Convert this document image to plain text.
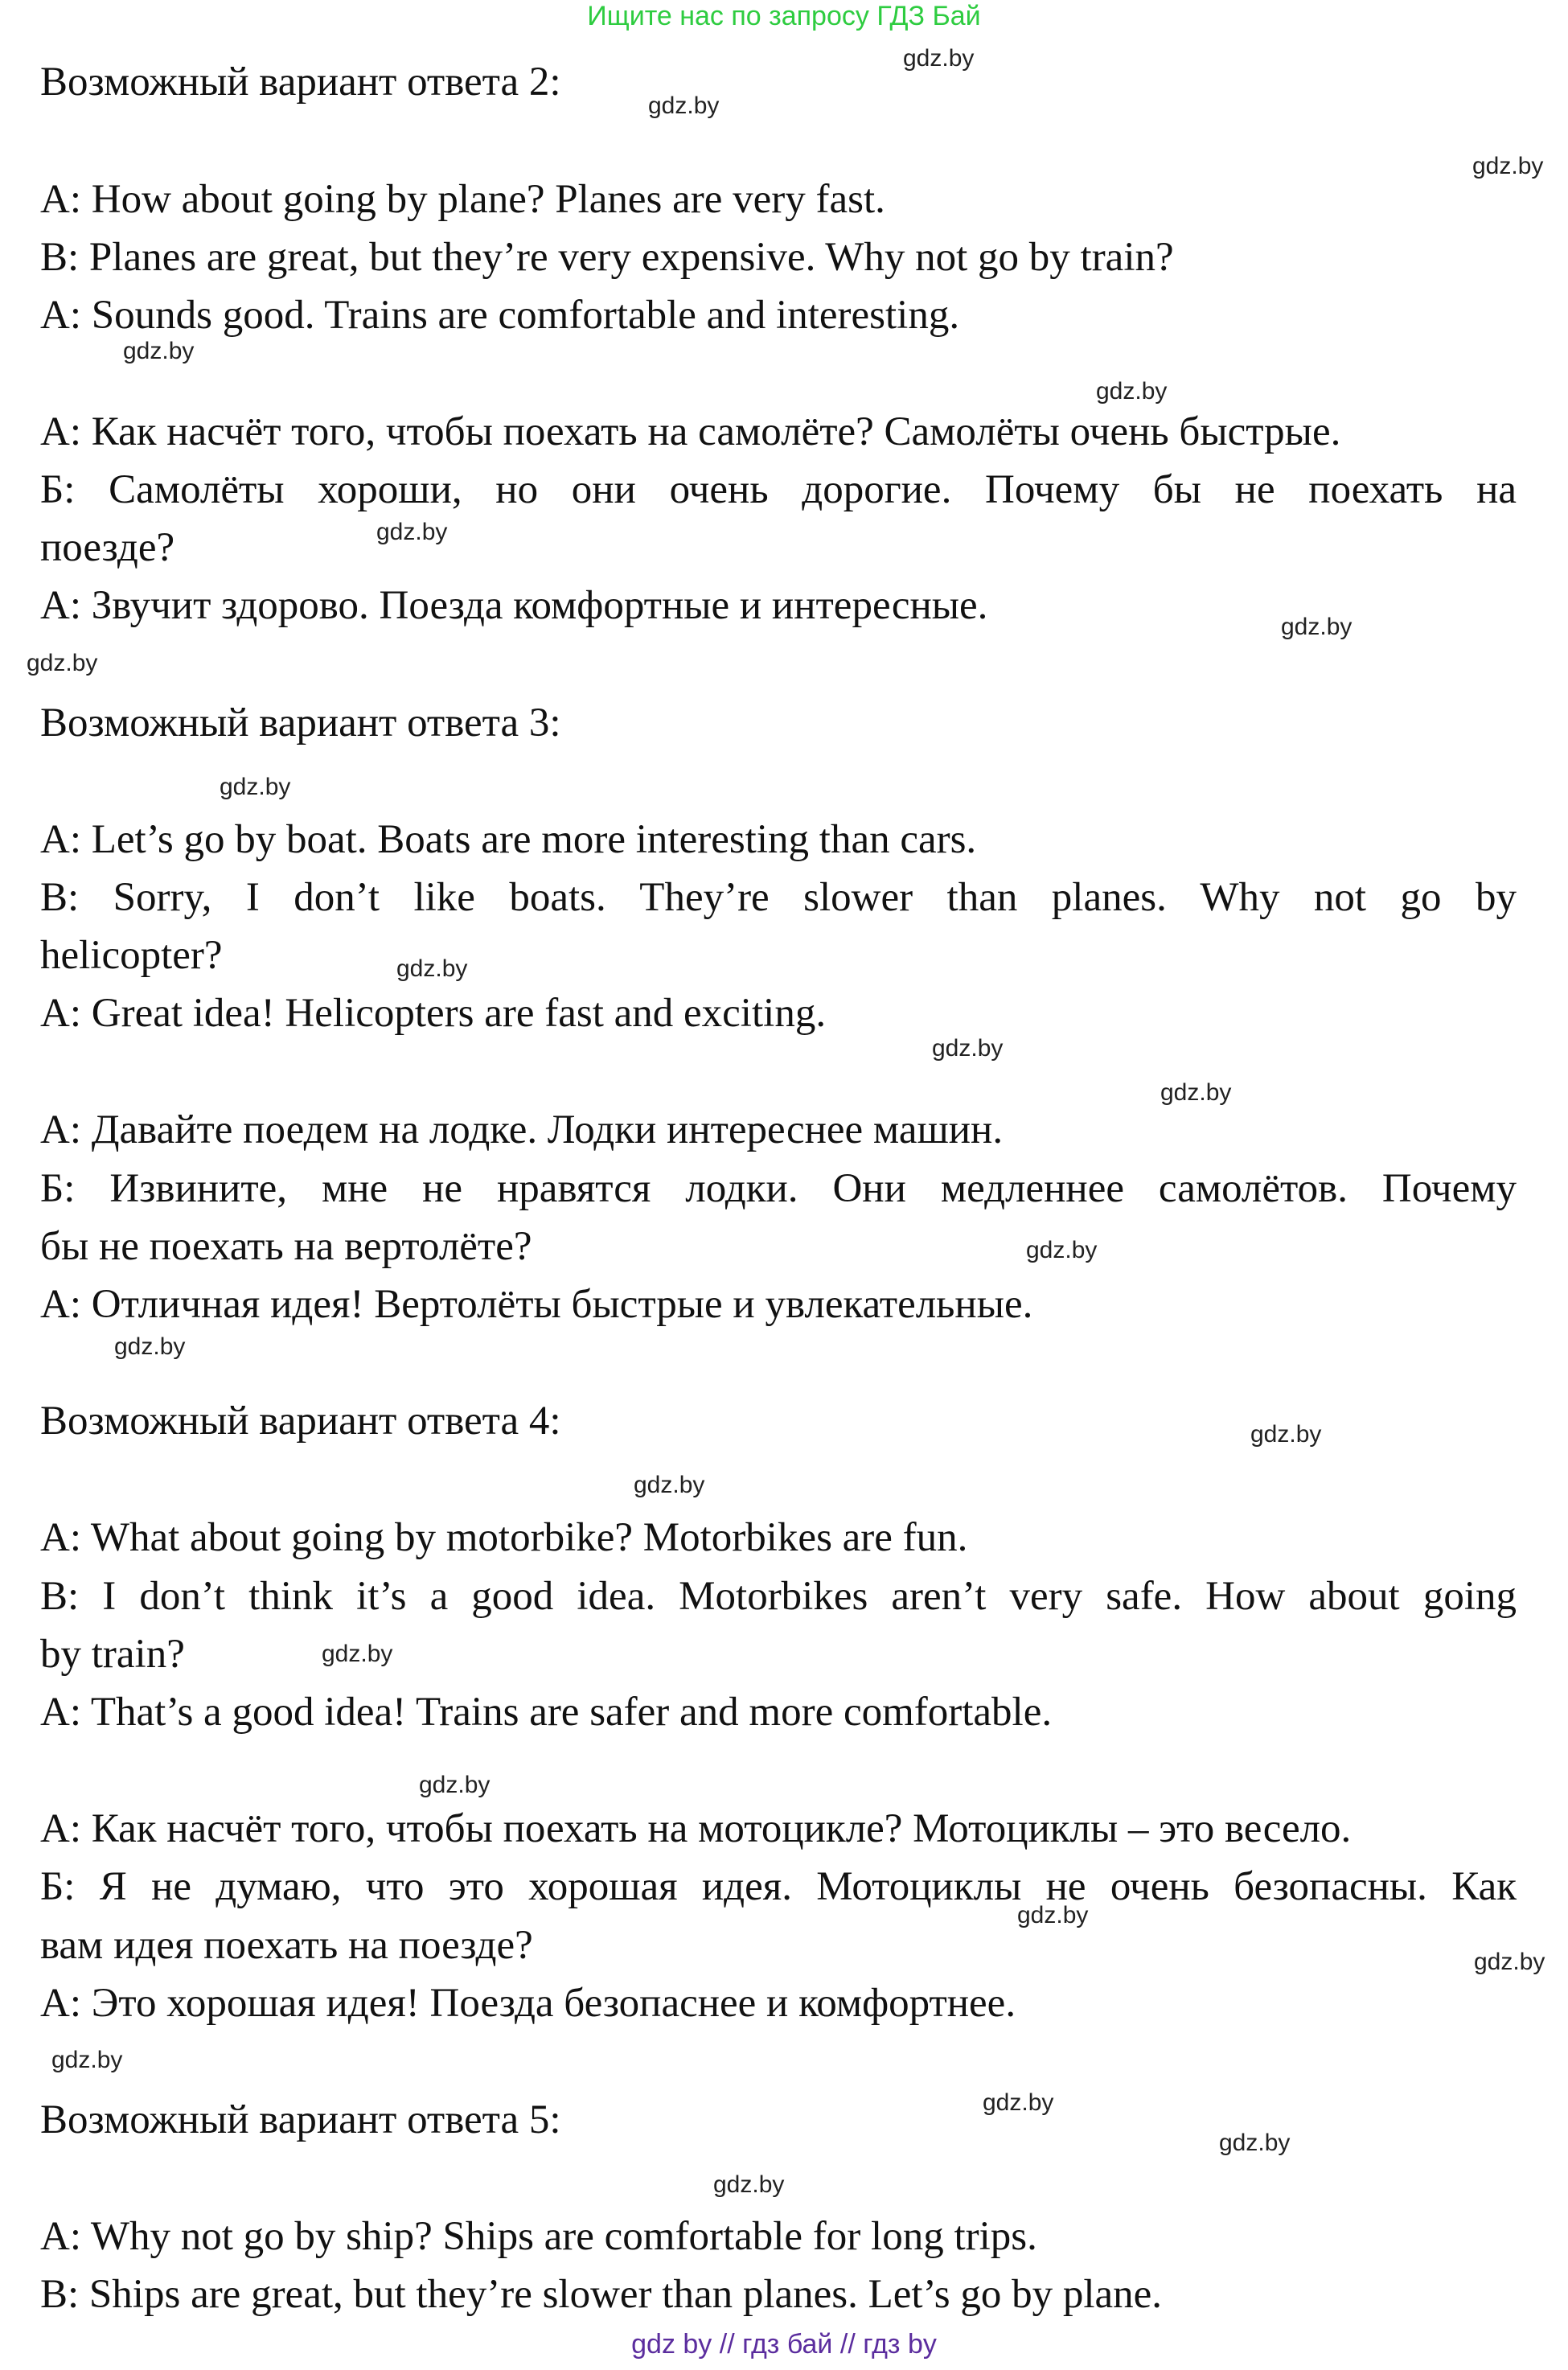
Ищите нас по запросу ГДЗ Бай

Возможный вариант ответа 2:

A: How about going by plane? Planes are very fast.

B: Planes are great, but they’re very expensive. Why not go by train?

A: Sounds good. Trains are comfortable and interesting.

А: Как насчёт того, чтобы поехать на самолёте? Самолёты очень быстрые.

Б: Самолёты хороши, но они очень дорогие. Почему бы не поехать на

поезде?

А: Звучит здорово. Поезда комфортные и интересные.

Возможный вариант ответа 3:

A: Let’s go by boat. Boats are more interesting than cars.

B: Sorry, I don’t like boats. They’re slower than planes. Why not go by

helicopter?

A: Great idea! Helicopters are fast and exciting.

А: Давайте поедем на лодке. Лодки интереснее машин.

Б: Извините, мне не нравятся лодки. Они медленнее самолётов. Почему

бы не поехать на вертолёте?

А: Отличная идея! Вертолёты быстрые и увлекательные.

Возможный вариант ответа 4:

A: What about going by motorbike? Motorbikes are fun.

B: I don’t think it’s a good idea. Motorbikes aren’t very safe. How about going

by train?

A: That’s a good idea! Trains are safer and more comfortable.

А: Как насчёт того, чтобы поехать на мотоцикле? Мотоциклы – это весело.

Б: Я не думаю, что это хорошая идея. Мотоциклы не очень безопасны. Как

вам идея поехать на поезде?

А: Это хорошая идея! Поезда безопаснее и комфортнее.

Возможный вариант ответа 5:

A: Why not go by ship? Ships are comfortable for long trips.

B: Ships are great, but they’re slower than planes. Let’s go by plane.

gdz.by
gdz.by
gdz.by
gdz.by
gdz.by
gdz.by
gdz.by
gdz.by
gdz.by
gdz.by
gdz.by
gdz.by
gdz.by
gdz.by
gdz.by
gdz.by
gdz.by
gdz.by
gdz.by
gdz.by
gdz.by
gdz.by
gdz.by
gdz.by
gdz by // гдз бай // гдз by
